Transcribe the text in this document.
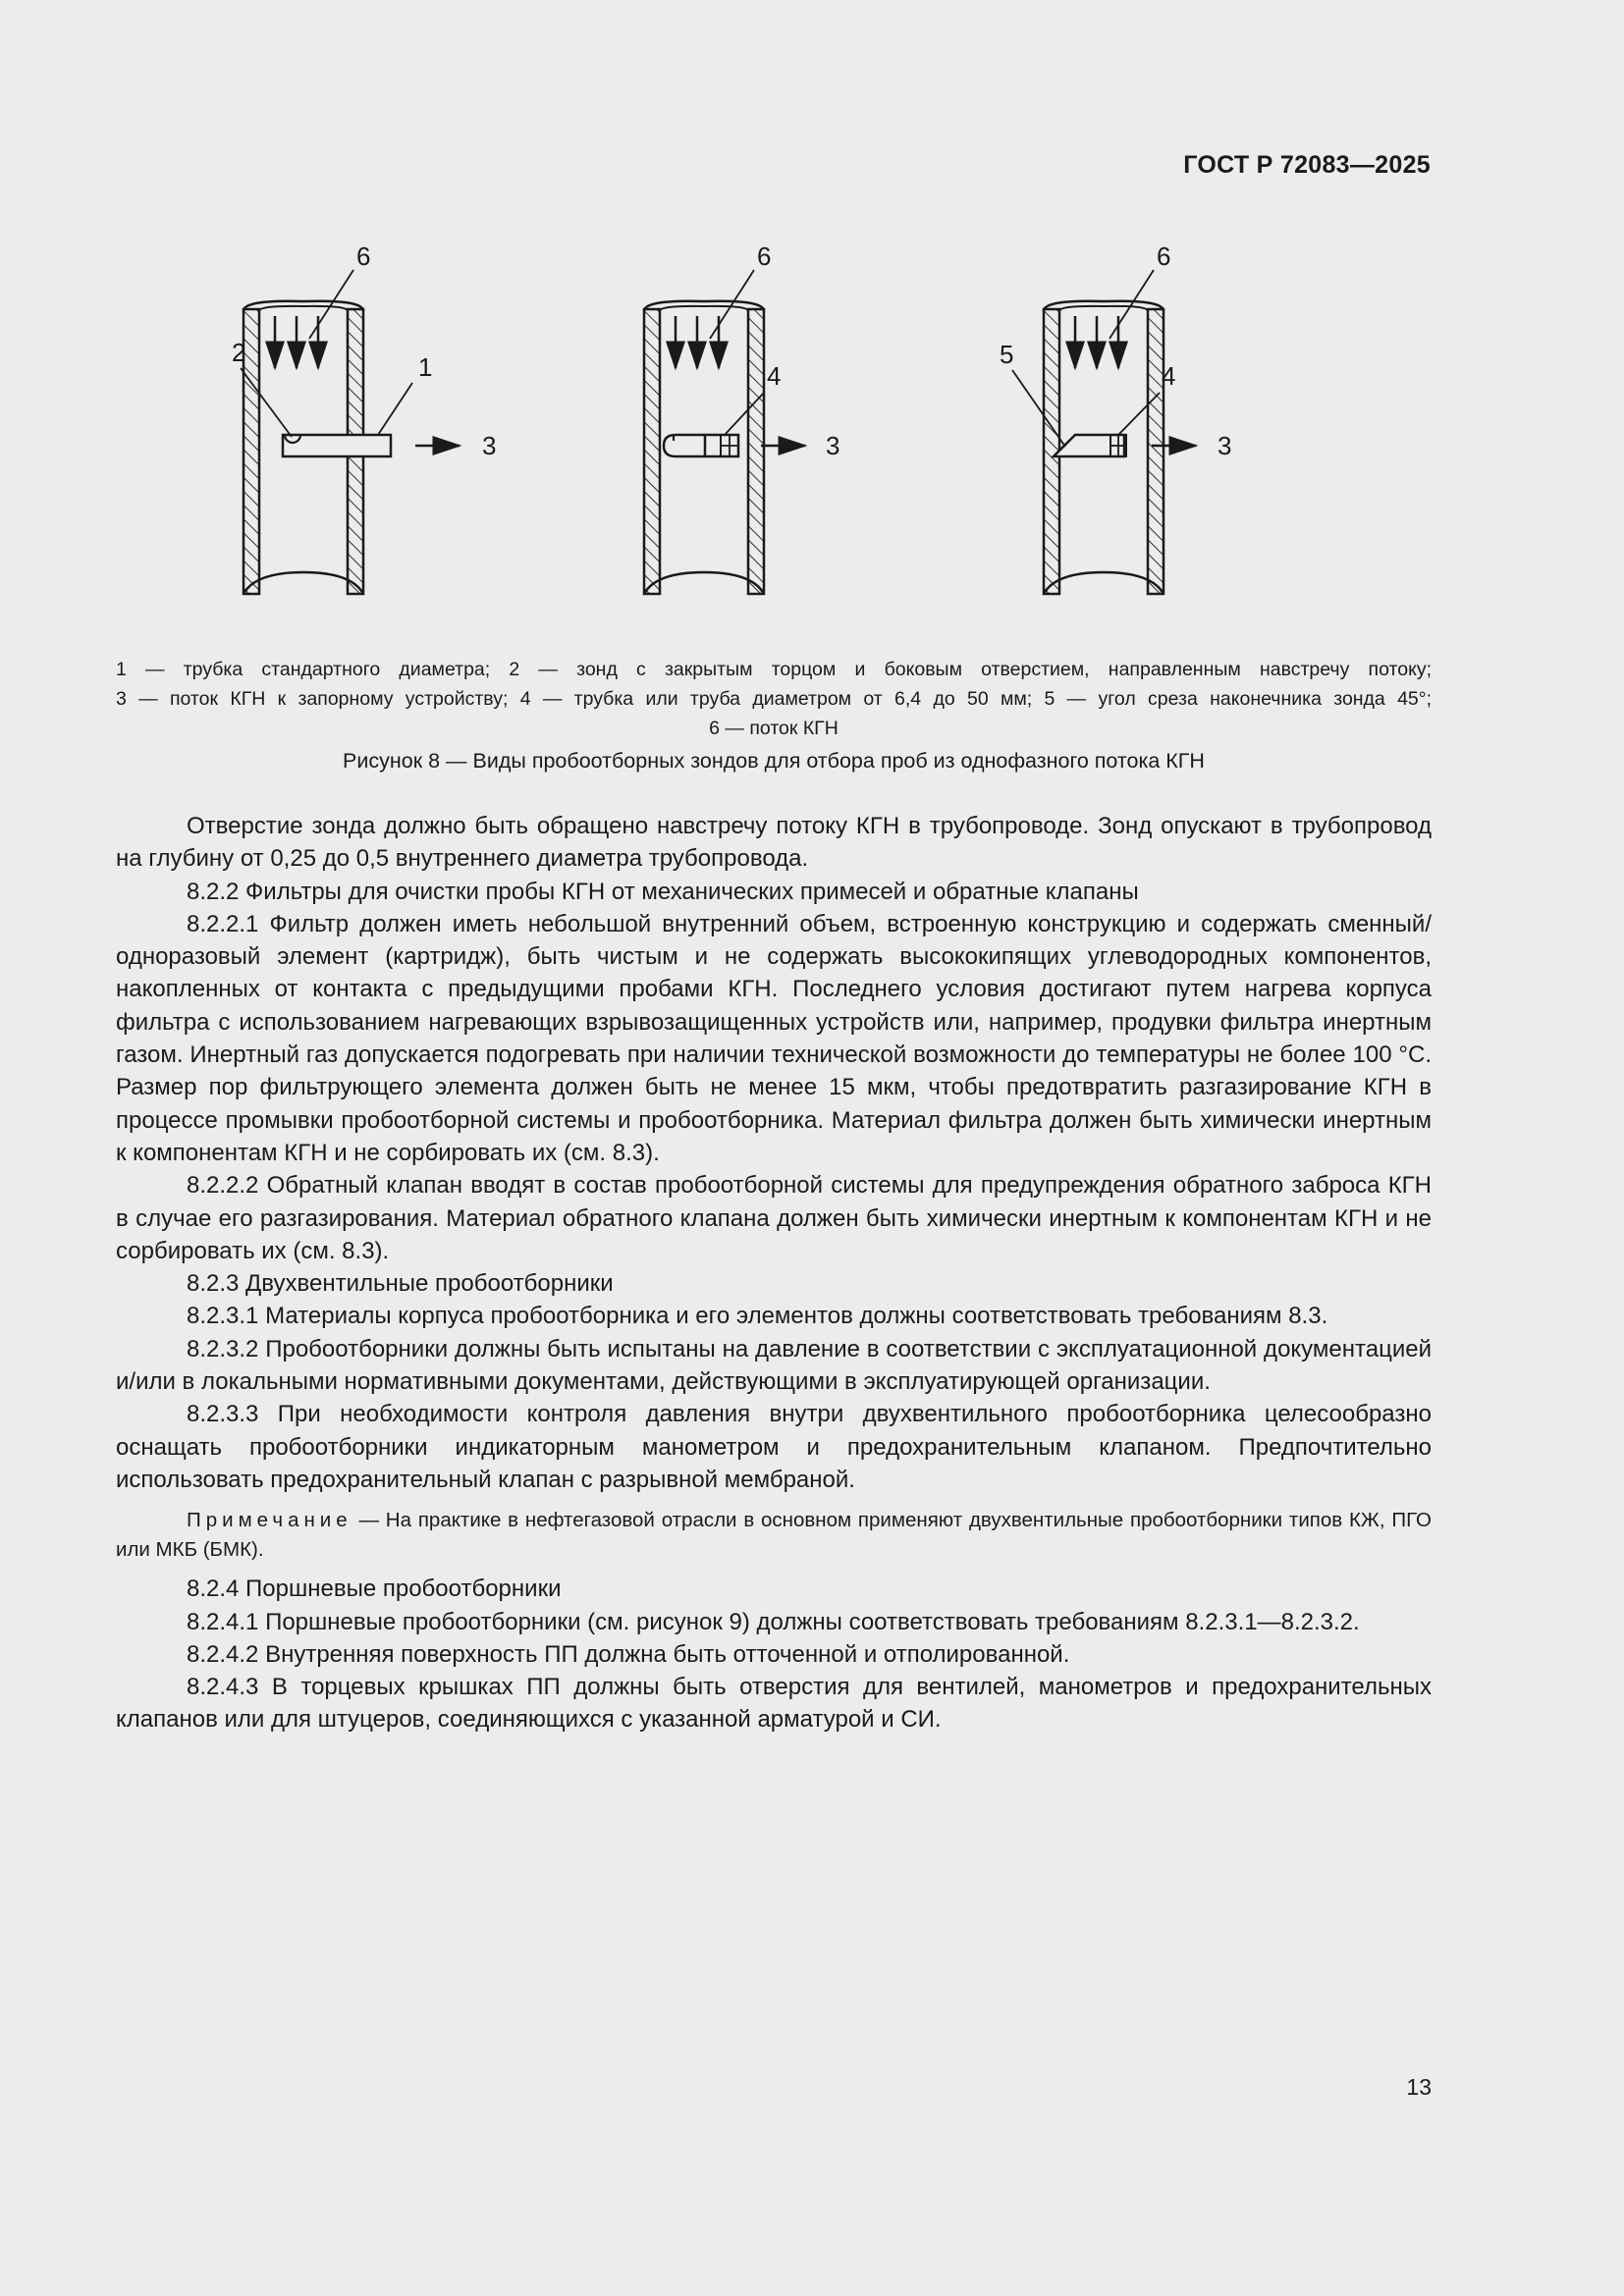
ГОСТ Р 72083—2025
2	1
6
3
4
6
3
5
4
6
3
1 — трубка стандартного диаметра; 2 — зонд с закрытым торцом и боковым отверстием, направленным навстречу потоку;
3 — поток КГН к запорному устройству; 4 — трубка или труба диаметром от 6,4 до 50 мм; 5 — угол среза наконечника зонда 45°;
6 — поток КГН
Рисунок 8 — Виды пробоотборных зондов для отбора проб из однофазного потока КГН

Отверстие зонда должно быть обращено навстречу потоку КГН в трубопроводе. Зонд опускают в трубопровод на глубину от 0,25 до 0,5 внутреннего диаметра трубопровода.

8.2.2 Фильтры для очистки пробы КГН от механических примесей и обратные клапаны

8.2.2.1 Фильтр должен иметь небольшой внутренний объем, встроенную конструкцию и содержать сменный/одноразовый элемент (картридж), быть чистым и не содержать высококипящих углеводородных компонентов, накопленных от контакта с предыдущими пробами КГН. Последнего условия достигают путем нагрева корпуса фильтра с использованием нагревающих взрывозащищенных устройств или, например, продувки фильтра инертным газом. Инертный газ допускается подогревать при наличии технической возможности до температуры не более 100 °С. Размер пор фильтрующего элемента должен быть не менее 15 мкм, чтобы предотвратить разгазирование КГН в процессе промывки пробоотборной системы и пробоотборника. Материал фильтра должен быть химически инертным к компонентам КГН и не сорбировать их (см. 8.3).

8.2.2.2 Обратный клапан вводят в состав пробоотборной системы для предупреждения обратного заброса КГН в случае его разгазирования. Материал обратного клапана должен быть химически инертным к компонентам КГН и не сорбировать их (см. 8.3).

8.2.3 Двухвентильные пробоотборники

8.2.3.1 Материалы корпуса пробоотборника и его элементов должны соответствовать требованиям 8.3.

8.2.3.2 Пробоотборники должны быть испытаны на давление в соответствии с эксплуатационной документацией и/или в локальными нормативными документами, действующими в эксплуатирующей организации.

8.2.3.3 При необходимости контроля давления внутри двухвентильного пробоотборника целесообразно оснащать пробоотборники индикаторным манометром и предохранительным клапаном. Предпочтительно использовать предохранительный клапан с разрывной мембраной.

Примечание — На практике в нефтегазовой отрасли в основном применяют двухвентильные пробоотборники типов КЖ, ПГО или МКБ (БМК).

8.2.4 Поршневые пробоотборники

8.2.4.1 Поршневые пробоотборники (см. рисунок 9) должны соответствовать требованиям 8.2.3.1—8.2.3.2.

8.2.4.2 Внутренняя поверхность ПП должна быть отточенной и отполированной.

8.2.4.3 В торцевых крышках ПП должны быть отверстия для вентилей, манометров и предохранительных клапанов или для штуцеров, соединяющихся с указанной арматурой и СИ.

13
